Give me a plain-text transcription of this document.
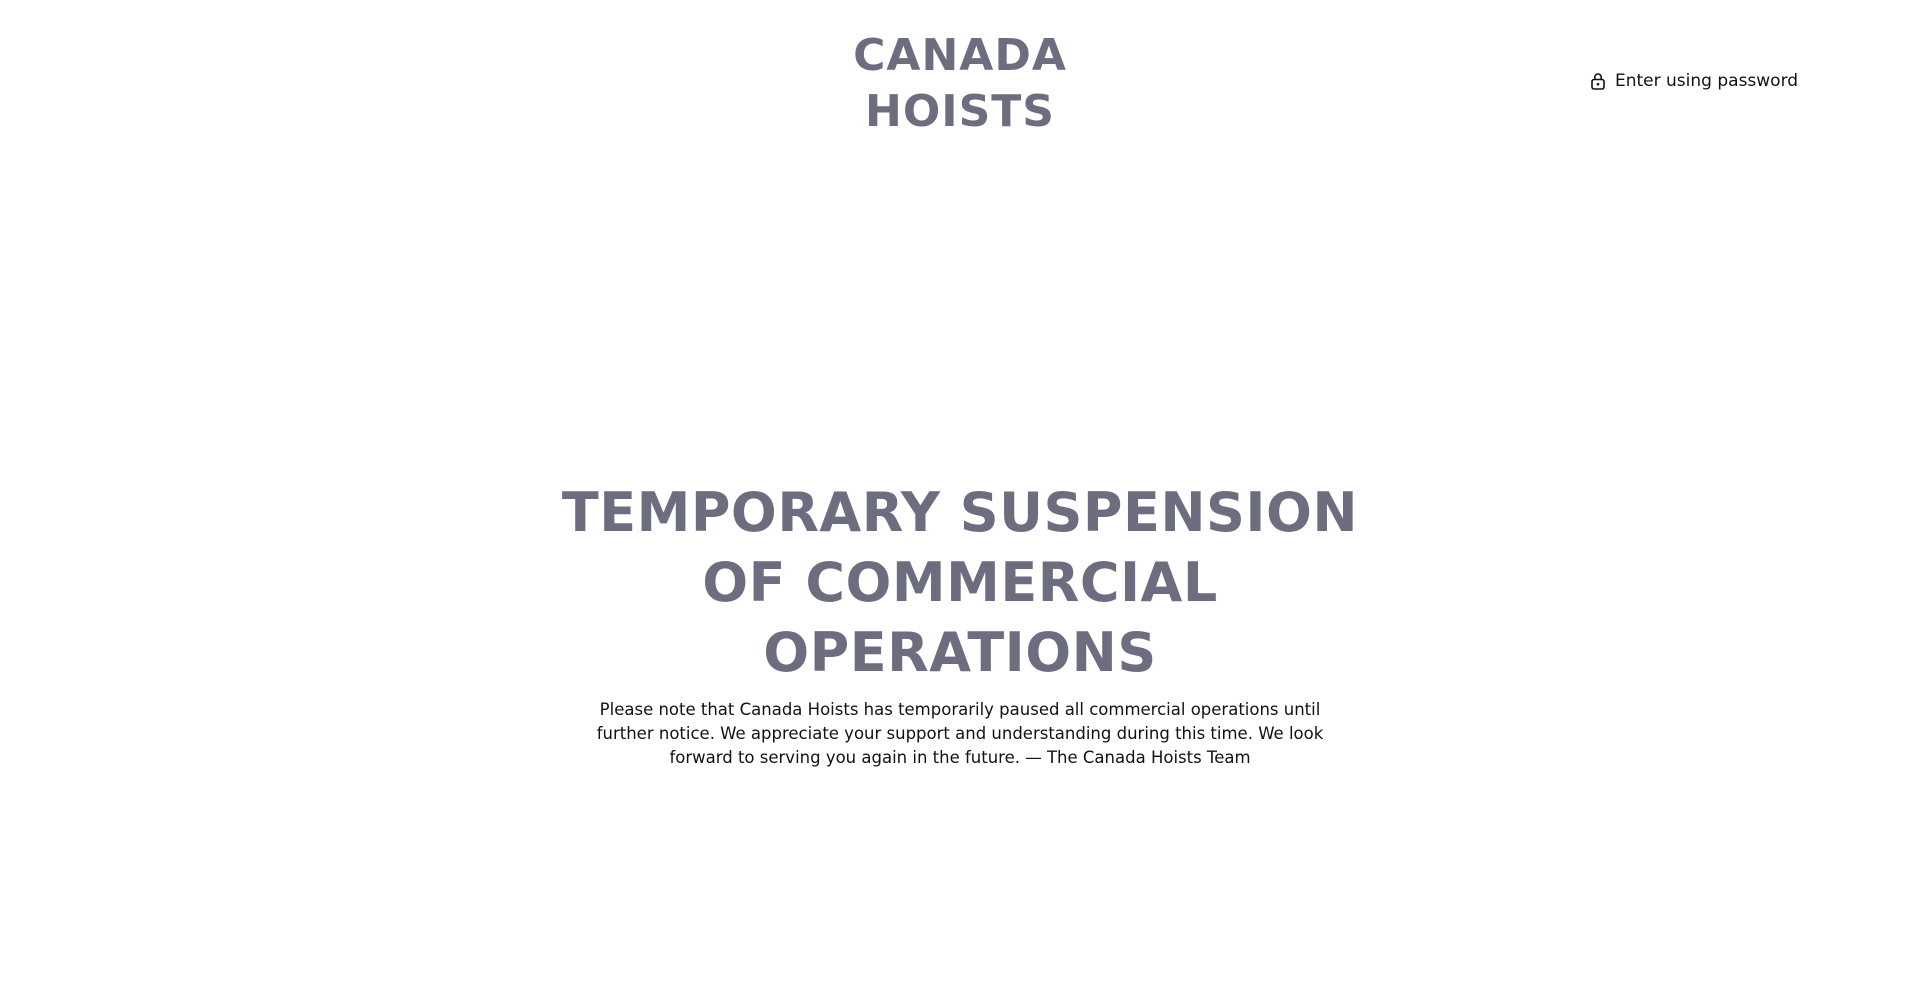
CANADA
HOISTS
Enter using password
TEMPORARY SUSPENSION OF COMMERCIAL OPERATIONS

Please note that Canada Hoists has temporarily paused all commercial operations until further notice. We appreciate your support and understanding during this time. We look forward to serving you again in the future. — The Canada Hoists Team
